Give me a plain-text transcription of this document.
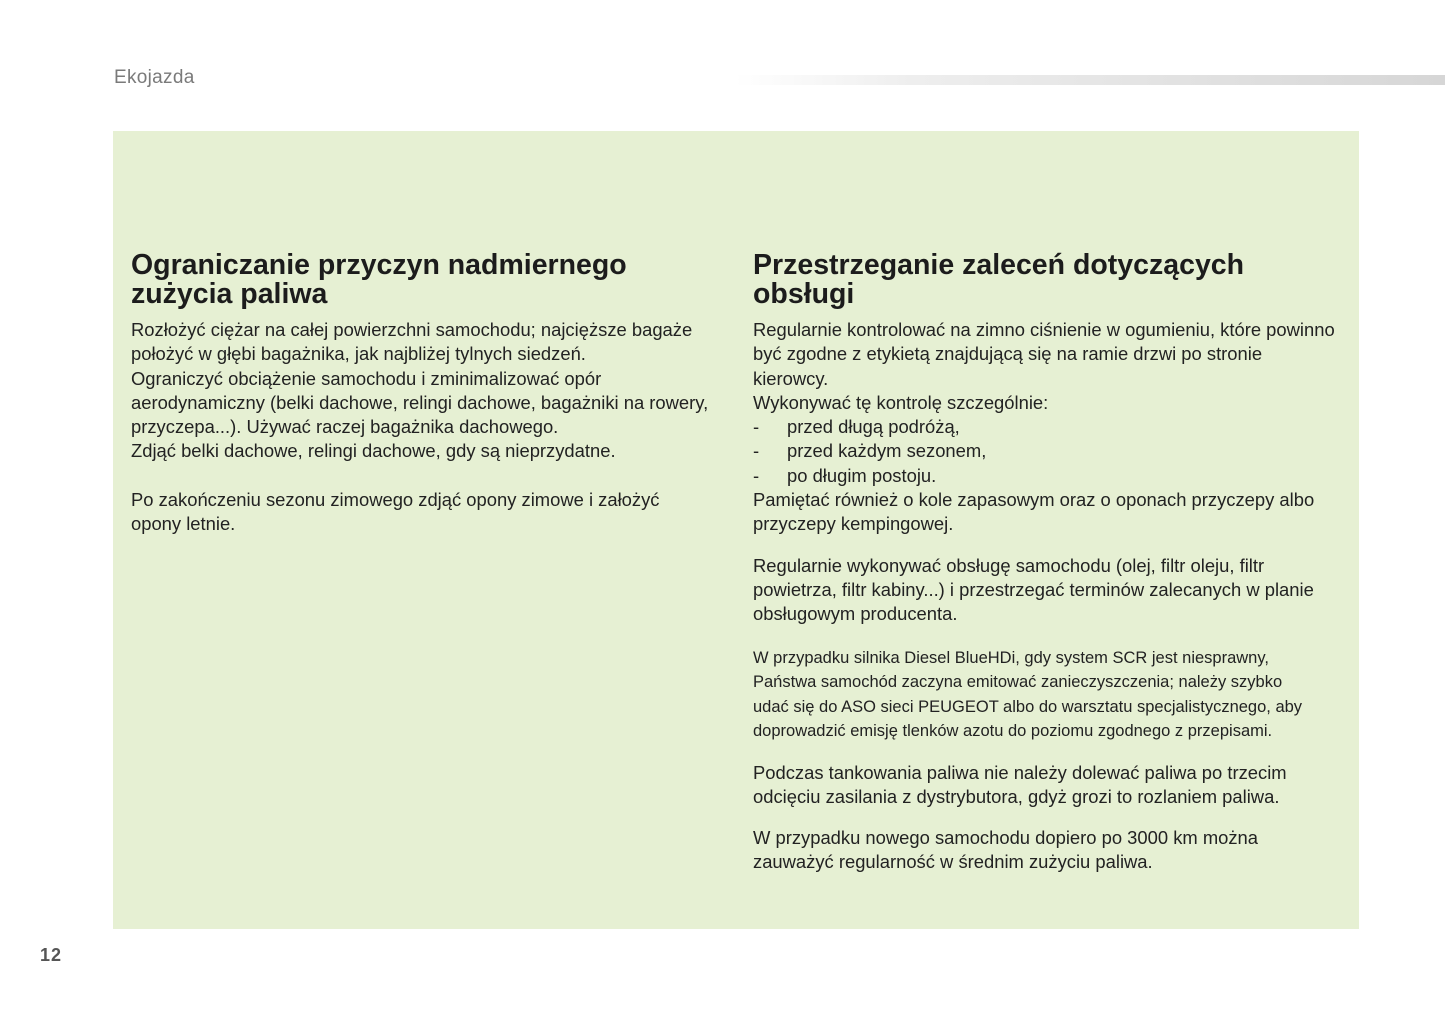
Ekojazda
Ograniczanie przyczyn nadmiernego
zużycia paliwa
Rozłożyć ciężar na całej powierzchni samochodu; najcięższe bagaże
położyć w głębi bagażnika, jak najbliżej tylnych siedzeń.
Ograniczyć obciążenie samochodu i zminimalizować opór
aerodynamiczny (belki dachowe, relingi dachowe, bagażniki na rowery,
przyczepa...). Używać raczej bagażnika dachowego.
Zdjąć belki dachowe, relingi dachowe, gdy są nieprzydatne.
Po zakończeniu sezonu zimowego zdjąć opony zimowe i założyć
opony letnie.
Przestrzeganie zaleceń dotyczących
obsługi
Regularnie kontrolować na zimno ciśnienie w ogumieniu, które powinno
być zgodne z etykietą znajdującą się na ramie drzwi po stronie
kierowcy.
Wykonywać tę kontrolę szczególnie:
- przed długą podróżą,
- przed każdym sezonem,
- po długim postoju.
Pamiętać również o kole zapasowym oraz o oponach przyczepy albo
przyczepy kempingowej.
Regularnie wykonywać obsługę samochodu (olej, filtr oleju, filtr
powietrza, filtr kabiny...) i przestrzegać terminów zalecanych w planie
obsługowym producenta.
W przypadku silnika Diesel BlueHDi, gdy system SCR jest niesprawny,
Państwa samochód zaczyna emitować zanieczyszczenia; należy szybko
udać się do ASO sieci PEUGEOT albo do warsztatu specjalistycznego, aby
doprowadzić emisję tlenków azotu do poziomu zgodnego z przepisami.
Podczas tankowania paliwa nie należy dolewać paliwa po trzecim
odcięciu zasilania z dystrybutora, gdyż grozi to rozlaniem paliwa.
W przypadku nowego samochodu dopiero po 3000 km można
zauważyć regularność w średnim zużyciu paliwa.
12
